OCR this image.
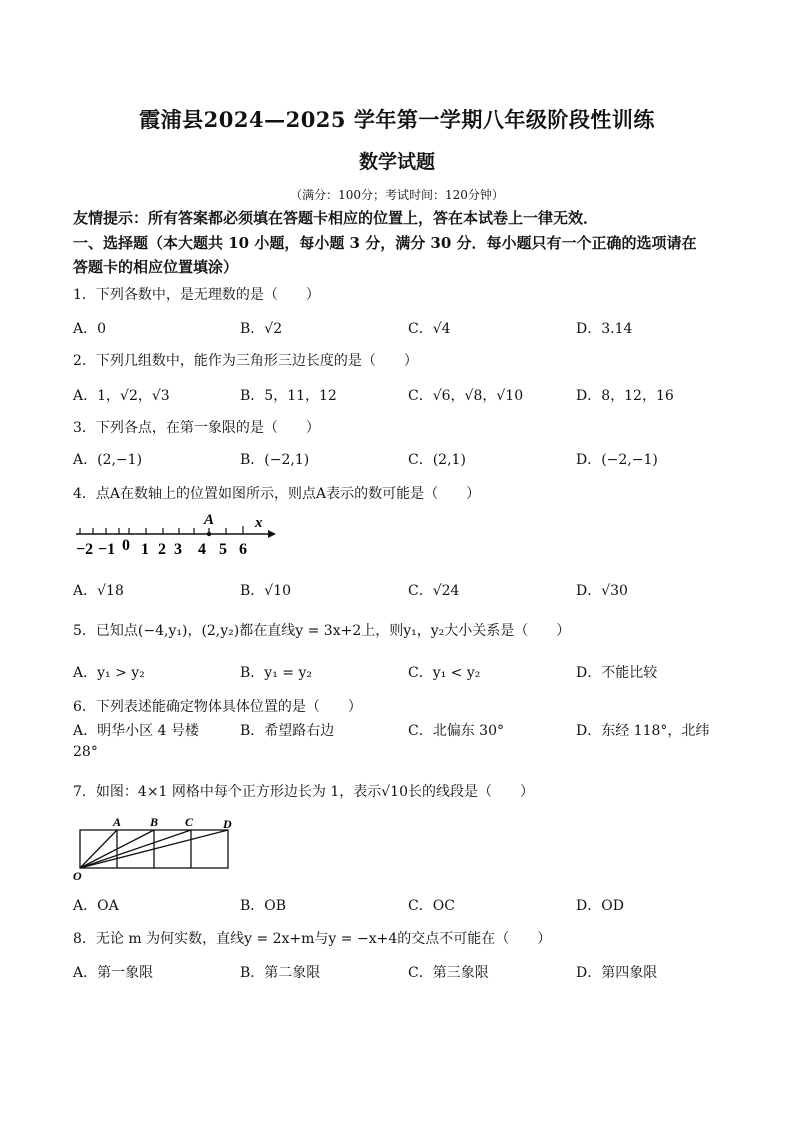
霞浦县2024—2025 学年第一学期八年级阶段性训练
数学试题
（满分：100分；考试时间：120分钟）
友情提示：所有答案都必须填在答题卡相应的位置上，答在本试卷上一律无效．
一、选择题（本大题共 10 小题，每小题 3 分，满分 30 分．每小题只有一个正确的选项请在
答题卡的相应位置填涂）
1．下列各数中，是无理数的是（　　）
A．0	B．√2	C．√4	D．3.14
2．下列几组数中，能作为三角形三边长度的是（　　）
A．1，√2，√3	B．5，11，12	C．√6，√8，√10	D．8，12，16
3．下列各点，在第一象限的是（　　）
A．(2,−1)	B．(−2,1)	C．(2,1)	D．(−2,−1)
4．点A在数轴上的位置如图所示，则点A表示的数可能是（　　）
A	x
−2 −1 0 1 2 3 4 5 6
A．√18	B．√10	C．√24	D．√30
5．已知点(−4,y₁)，(2,y₂)都在直线y = 3x+2上，则y₁，y₂大小关系是（　　）
A．y₁ > y₂	B．y₁ = y₂	C．y₁ < y₂	D．不能比较
6．下列表述能确定物体具体位置的是（　　）
A．明华小区 4 号楼	B．希望路右边	C．北偏东 30°	D．东经 118°，北纬
28°
7．如图：4×1 网格中每个正方形边长为 1，表示√10长的线段是（　　）
A B C D
O
A．OA	B．OB	C．OC	D．OD
8．无论 m 为何实数，直线y = 2x+m与y = −x+4的交点不可能在（　　）
A．第一象限	B．第二象限	C．第三象限	D．第四象限
